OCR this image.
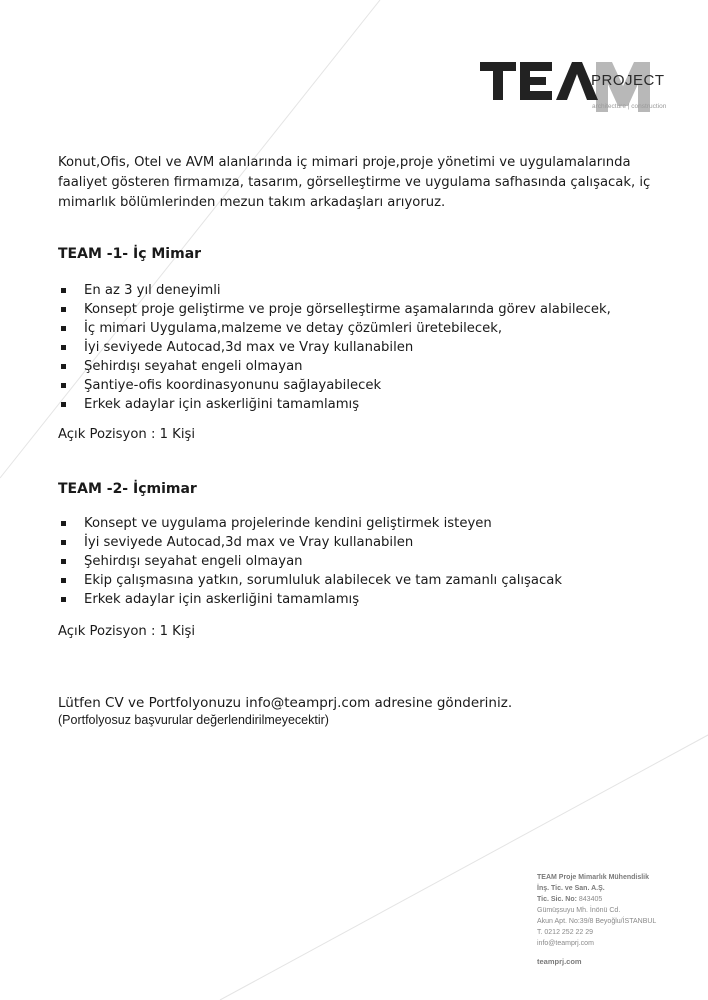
PROJECT
architecture | construction
Konut,Ofis, Otel ve AVM alanlarında iç mimari proje,proje yönetimi ve uygulamalarında faaliyet gösteren firmamıza, tasarım, görselleştirme ve uygulama safhasında çalışacak, iç mimarlık bölümlerinden mezun takım arkadaşları arıyoruz.
TEAM -1- İç Mimar
En az 3 yıl deneyimli
Konsept proje geliştirme ve proje görselleştirme aşamalarında görev alabilecek,
İç mimari Uygulama,malzeme ve detay çözümleri üretebilecek,
İyi seviyede Autocad,3d max ve Vray kullanabilen
Şehirdışı seyahat engeli olmayan
Şantiye-ofis koordinasyonunu sağlayabilecek
Erkek adaylar için askerliğini tamamlamış
Açık Pozisyon : 1 Kişi
TEAM -2- İçmimar
Konsept ve uygulama projelerinde kendini geliştirmek isteyen
İyi seviyede Autocad,3d max ve Vray kullanabilen
Şehirdışı seyahat engeli olmayan
Ekip çalışmasına yatkın, sorumluluk alabilecek ve tam zamanlı çalışacak
Erkek adaylar için askerliğini tamamlamış
Açık Pozisyon : 1 Kişi
Lütfen CV ve Portfolyonuzu info@teamprj.com adresine gönderiniz.
(Portfolyosuz başvurular değerlendirilmeyecektir)
TEAM Proje Mimarlık Mühendislik
İnş. Tic. ve San. A.Ş.
Tic. Sic. No: 843405
Gümüşsuyu Mh. İnönü Cd.
Akun Apt. No:39/8 Beyoğlu/İSTANBUL
T. 0212 252 22 29
info@teamprj.com
teamprj.com
